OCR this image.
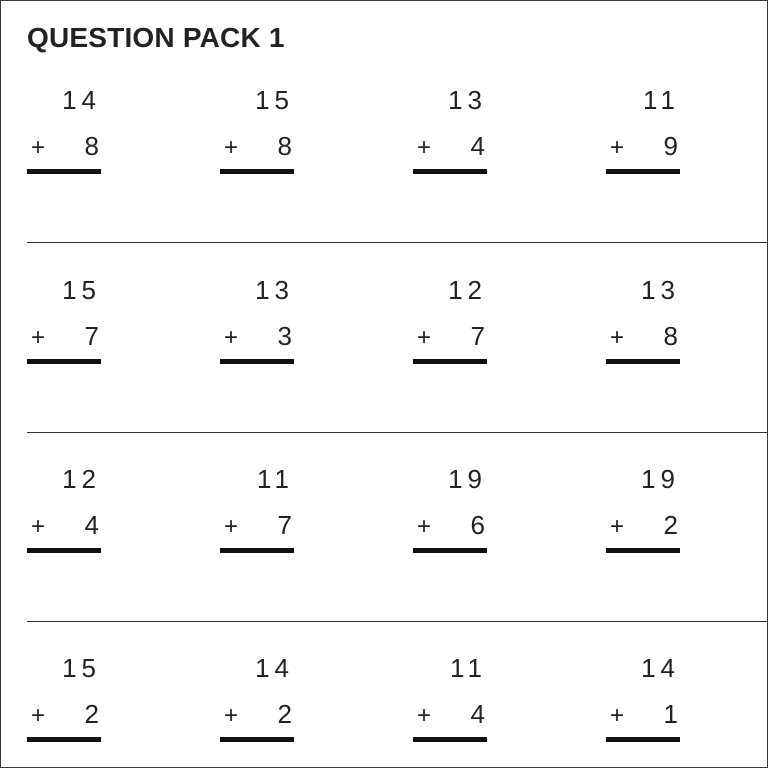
QUESTION PACK 1
14
+ 8
15
+ 8
13
+ 4
11
+ 9
15
+ 7
13
+ 3
12
+ 7
13
+ 8
12
+ 4
11
+ 7
19
+ 6
19
+ 2
15
+ 2
14
+ 2
11
+ 4
14
+ 1
